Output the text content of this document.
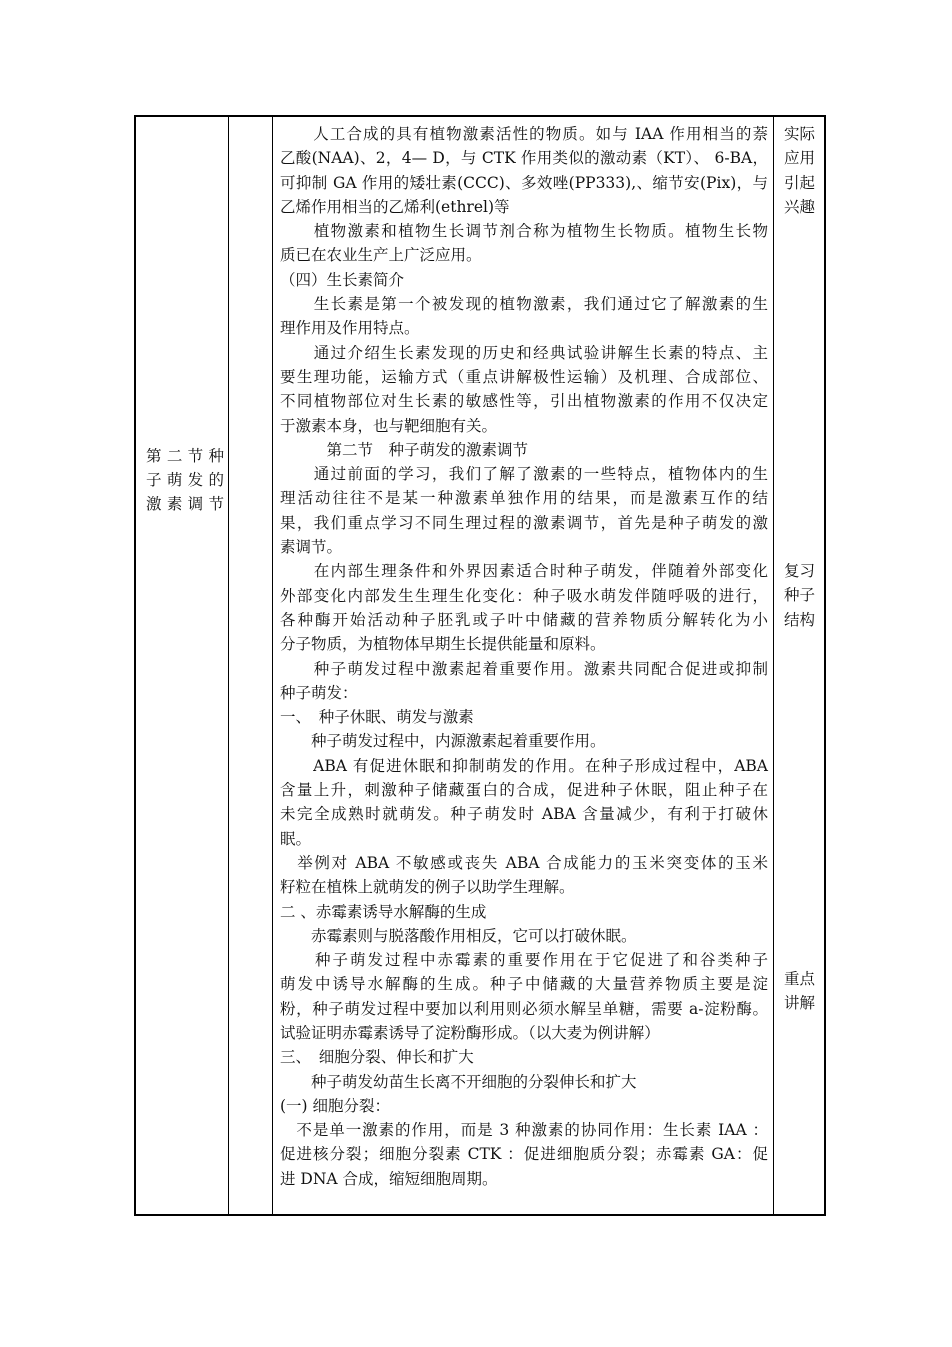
第二节种
子萌发的
激素调节
　　人工合成的具有植物激素活性的物质。如与 IAA 作用相当的萘
乙酸(NAA)、2，4— D，与 CTK 作用类似的激动素（KT）、 6-BA，
可抑制 GA 作用的矮壮素(CCC)、多效唑(PP333),、缩节安(Pix)，与
乙烯作用相当的乙烯利(ethrel)等
　　植物激素和植物生长调节剂合称为植物生长物质。植物生长物
质已在农业生产上广泛应用。
（四）生长素简介
　　生长素是第一个被发现的植物激素，我们通过它了解激素的生
理作用及作用特点。
　　通过介绍生长素发现的历史和经典试验讲解生长素的特点、主
要生理功能，运输方式（重点讲解极性运输）及机理、合成部位、
不同植物部位对生长素的敏感性等，引出植物激素的作用不仅决定
于激素本身，也与靶细胞有关。
　　　第二节　种子萌发的激素调节
　　通过前面的学习，我们了解了激素的一些特点，植物体内的生
理活动往往不是某一种激素单独作用的结果，而是激素互作的结
果，我们重点学习不同生理过程的激素调节，首先是种子萌发的激
素调节。
　　在内部生理条件和外界因素适合时种子萌发，伴随着外部变化
外部变化内部发生生理生化变化：种子吸水萌发伴随呼吸的进行，
各种酶开始活动种子胚乳或子叶中储藏的营养物质分解转化为小
分子物质，为植物体早期生长提供能量和原料。
　　种子萌发过程中激素起着重要作用。激素共同配合促进或抑制
种子萌发：
一、　种子休眠、萌发与激素
　　种子萌发过程中，内源激素起着重要作用。
　　ABA 有促进休眠和抑制萌发的作用。在种子形成过程中，ABA
含量上升，刺激种子储藏蛋白的合成，促进种子休眠，阻止种子在
未完全成熟时就萌发。种子萌发时 ABA 含量减少，有利于打破休
眠。
　举例对 ABA 不敏感或丧失 ABA 合成能力的玉米突变体的玉米
籽粒在植株上就萌发的例子以助学生理解。
二 、赤霉素诱导水解酶的生成
　　赤霉素则与脱落酸作用相反，它可以打破休眠。
　　种子萌发过程中赤霉素的重要作用在于它促进了和谷类种子
萌发中诱导水解酶的生成。种子中储藏的大量营养物质主要是淀
粉，种子萌发过程中要加以利用则必须水解呈单糖，需要 a-淀粉酶。
试验证明赤霉素诱导了淀粉酶形成。（以大麦为例讲解）
三、　细胞分裂、伸长和扩大
　　种子萌发幼苗生长离不开细胞的分裂伸长和扩大
(一) 细胞分裂：
　不是单一激素的作用，而是 3 种激素的协同作用：生长素 IAA ：
促进核分裂；细胞分裂素 CTK ：促进细胞质分裂；赤霉素 GA：促
进 DNA 合成，缩短细胞周期。
实际
应用
引起
兴趣
复习
种子
结构
重点
讲解
